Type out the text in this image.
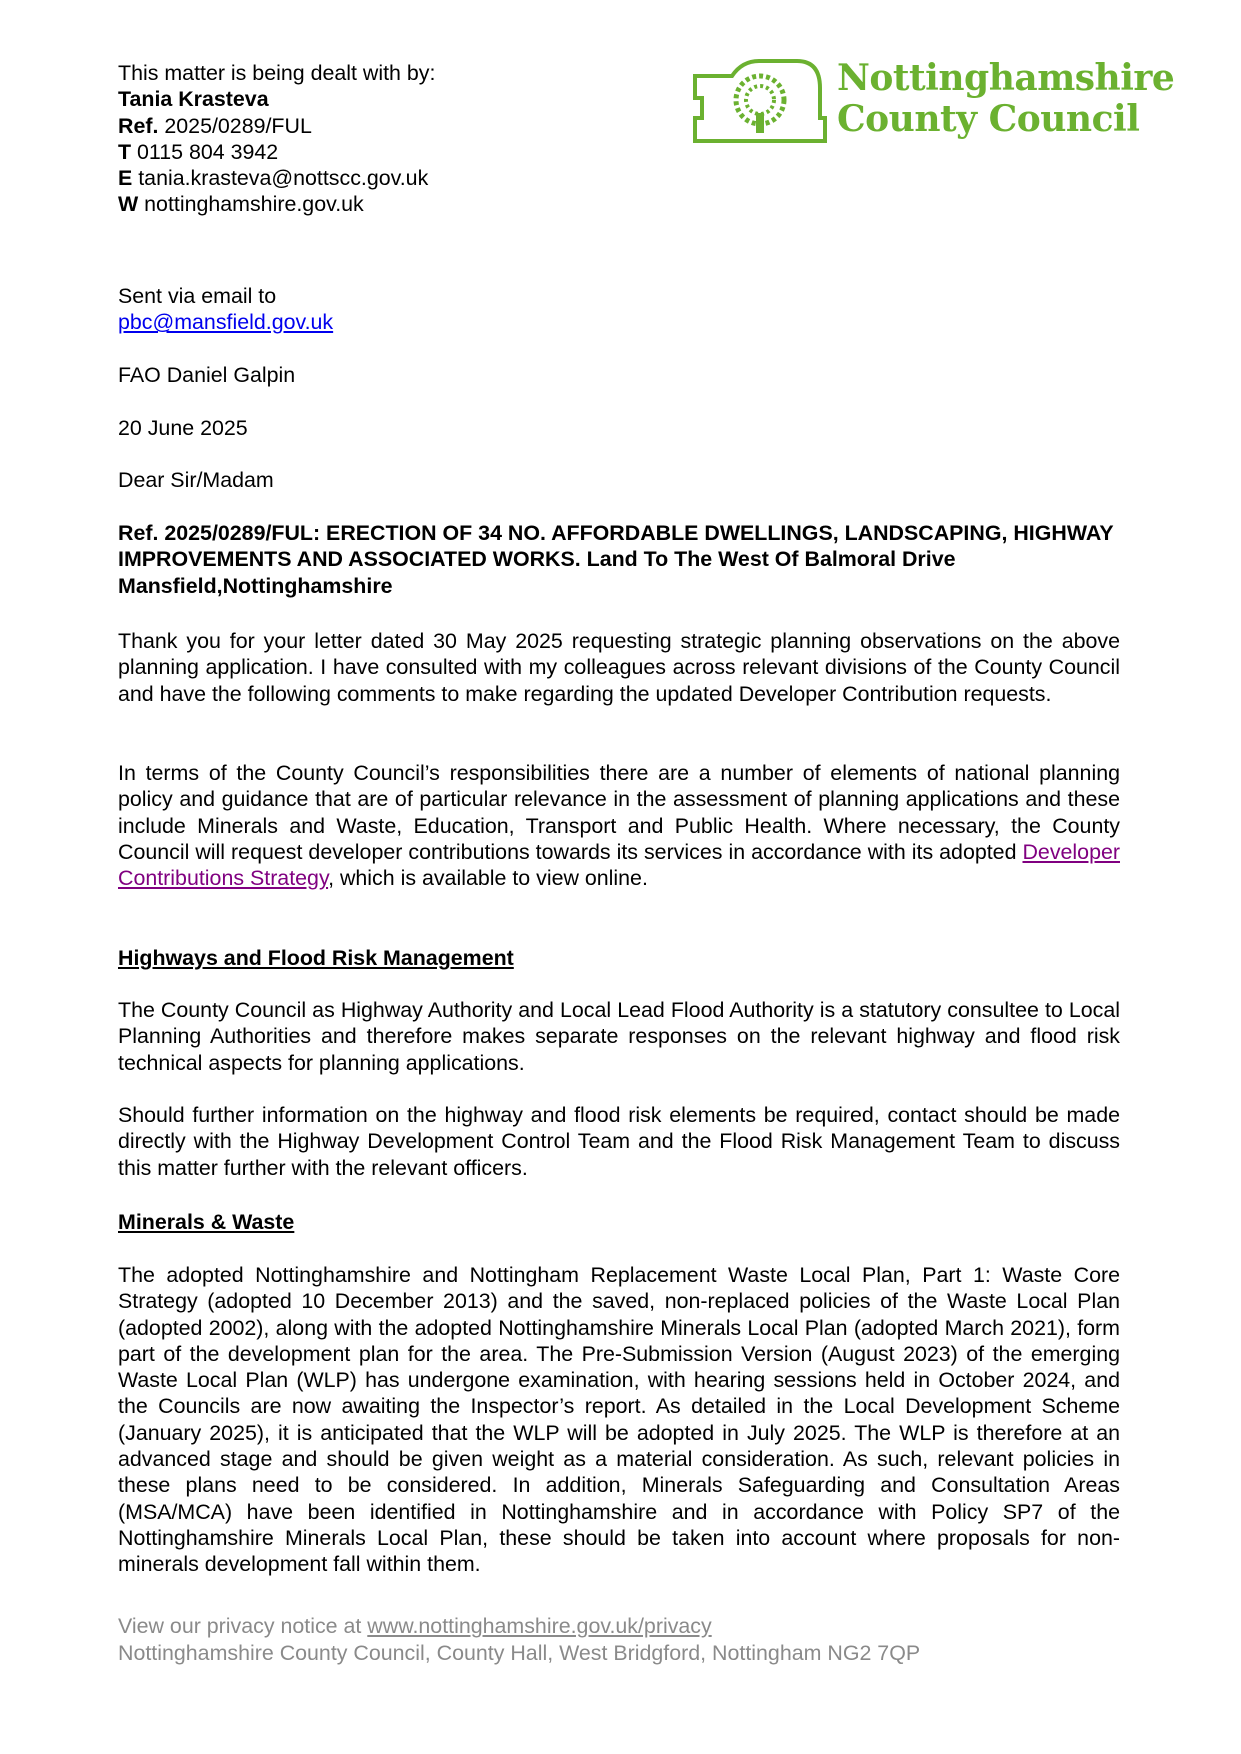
This matter is being dealt with by:

Tania Krasteva

Ref. 2025/0289/FUL

T 0115 804 3942

E tania.krasteva@nottscc.gov.uk

W nottinghamshire.gov.uk

Nottinghamshire
County Council

Sent via email to

pbc@mansfield.gov.uk

FAO Daniel Galpin

20 June 2025

Dear Sir/Madam

Ref. 2025/0289/FUL: ERECTION OF 34 NO. AFFORDABLE DWELLINGS, LANDSCAPING, HIGHWAY IMPROVEMENTS AND ASSOCIATED WORKS. Land To The West Of Balmoral Drive Mansfield,Nottinghamshire

Thank you for your letter dated 30 May 2025 requesting strategic planning observations on the above planning application. I have consulted with my colleagues across relevant divisions of the County Council and have the following comments to make regarding the updated Developer Contribution requests.

In terms of the County Council’s responsibilities there are a number of elements of national planning policy and guidance that are of particular relevance in the assessment of planning applications and these include Minerals and Waste, Education, Transport and Public Health. Where necessary, the County Council will request developer contributions towards its services in accordance with its adopted Developer Contributions Strategy, which is available to view online.

Highways and Flood Risk Management

The County Council as Highway Authority and Local Lead Flood Authority is a statutory consultee to Local Planning Authorities and therefore makes separate responses on the relevant highway and flood risk technical aspects for planning applications.

Should further information on the highway and flood risk elements be required, contact should be made directly with the Highway Development Control Team and the Flood Risk Management Team to discuss this matter further with the relevant officers.

Minerals & Waste

The adopted Nottinghamshire and Nottingham Replacement Waste Local Plan, Part 1: Waste Core Strategy (adopted 10 December 2013) and the saved, non-replaced policies of the Waste Local Plan (adopted 2002), along with the adopted Nottinghamshire Minerals Local Plan (adopted March 2021), form part of the development plan for the area. The Pre-Submission Version (August 2023) of the emerging Waste Local Plan (WLP) has undergone examination, with hearing sessions held in October 2024, and the Councils are now awaiting the Inspector’s report. As detailed in the Local Development Scheme (January 2025), it is anticipated that the WLP will be adopted in July 2025. The WLP is therefore at an advanced stage and should be given weight as a material consideration. As such, relevant policies in these plans need to be considered. In addition, Minerals Safeguarding and Consultation Areas (MSA/MCA) have been identified in Nottinghamshire and in accordance with Policy SP7 of the Nottinghamshire Minerals Local Plan, these should be taken into account where proposals for non-minerals development fall within them.

View our privacy notice at www.nottinghamshire.gov.uk/privacy

Nottinghamshire County Council, County Hall, West Bridgford, Nottingham NG2 7QP
